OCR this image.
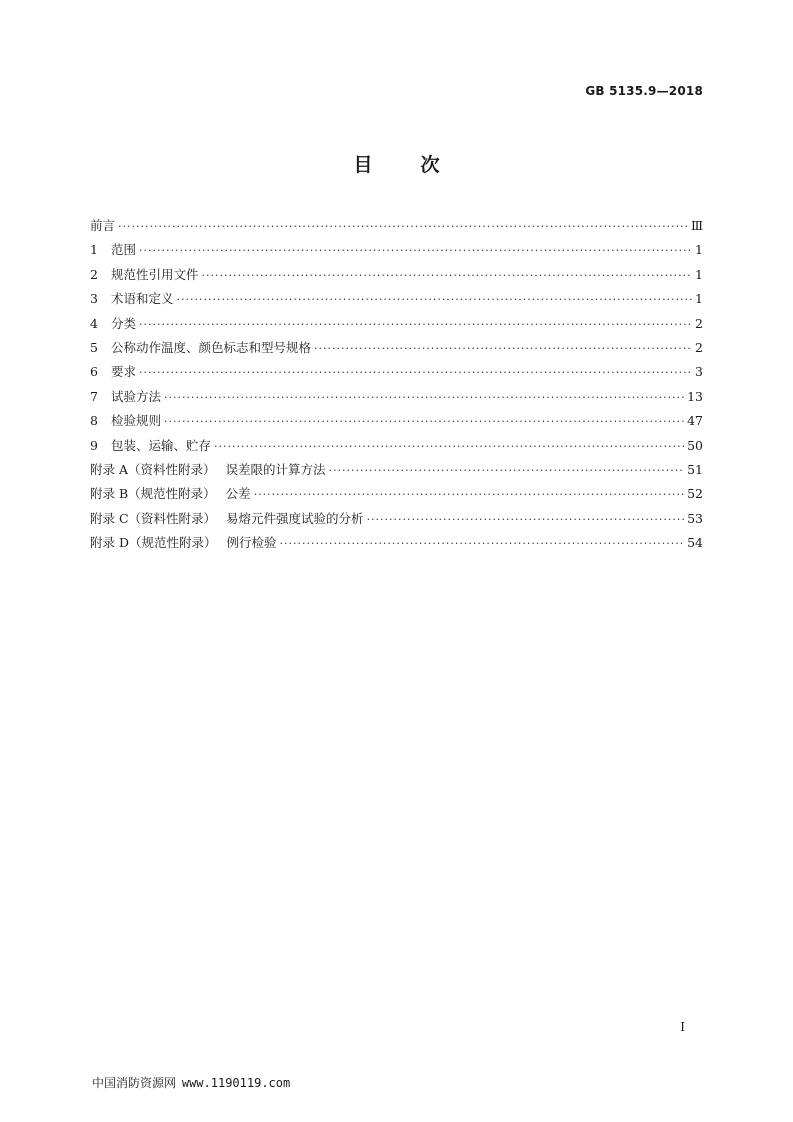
GB 5135.9—2018
目	次
前言 ·····	Ⅲ
1 范围 ·····	1
2 规范性引用文件 ·····	1
3 术语和定义 ·····	1
4 分类 ·····	2
5 公称动作温度、颜色标志和型号规格 ·····	2
6 要求 ·····	3
7 试验方法 ·····	13
8 检验规则 ·····	47
9 包装、运输、贮存 ·····	50
附录 A（资料性附录） 误差限的计算方法 ·····	51
附录 B（规范性附录） 公差 ·····	52
附录 C（资料性附录） 易熔元件强度试验的分析 ·····	53
附录 D（规范性附录） 例行检验 ·····	54
I
中国消防资源网 www.1190119.com
